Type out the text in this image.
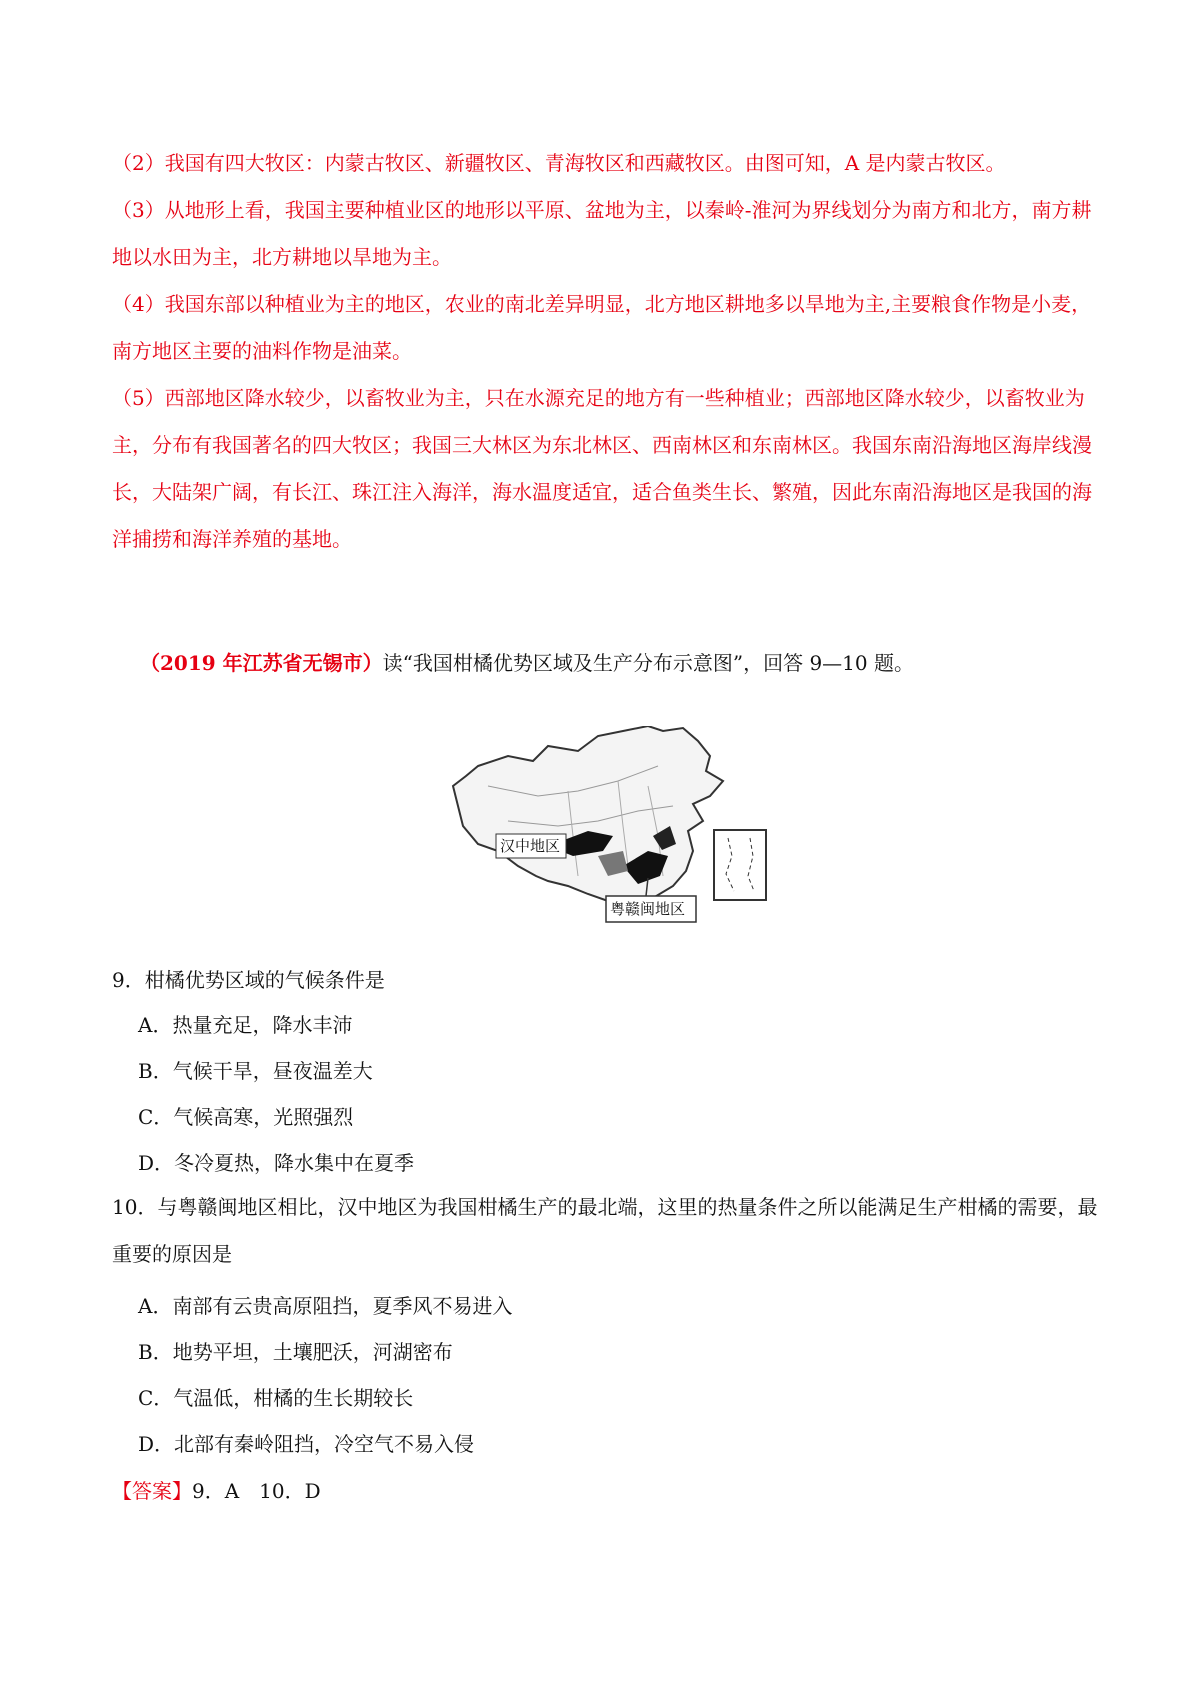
（2）我国有四大牧区：内蒙古牧区、新疆牧区、青海牧区和西藏牧区。由图可知，A 是内蒙古牧区。

（3）从地形上看，我国主要种植业区的地形以平原、盆地为主，以秦岭-淮河为界线划分为南方和北方，南方耕地以水田为主，北方耕地以旱地为主。

（4）我国东部以种植业为主的地区，农业的南北差异明显，北方地区耕地多以旱地为主,主要粮食作物是小麦，南方地区主要的油料作物是油菜。

（5）西部地区降水较少，以畜牧业为主，只在水源充足的地方有一些种植业；西部地区降水较少，以畜牧业为主，分布有我国著名的四大牧区；我国三大林区为东北林区、西南林区和东南林区。我国东南沿海地区海岸线漫长，大陆架广阔，有长江、珠江注入海洋，海水温度适宜，适合鱼类生长、繁殖，因此东南沿海地区是我国的海洋捕捞和海洋养殖的基地。

（2019 年江苏省无锡市）读“我国柑橘优势区域及生产分布示意图”，回答 9—10 题。

汉中地区
粤赣闽地区

9．柑橘优势区域的气候条件是

A．热量充足，降水丰沛

B．气候干旱，昼夜温差大

C．气候高寒，光照强烈

D．冬冷夏热，降水集中在夏季

10．与粤赣闽地区相比，汉中地区为我国柑橘生产的最北端，这里的热量条件之所以能满足生产柑橘的需要，最重要的原因是

A．南部有云贵高原阻挡，夏季风不易进入

B．地势平坦，土壤肥沃，河湖密布

C．气温低，柑橘的生长期较长

D．北部有秦岭阻挡，冷空气不易入侵

【答案】9．A　10．D
